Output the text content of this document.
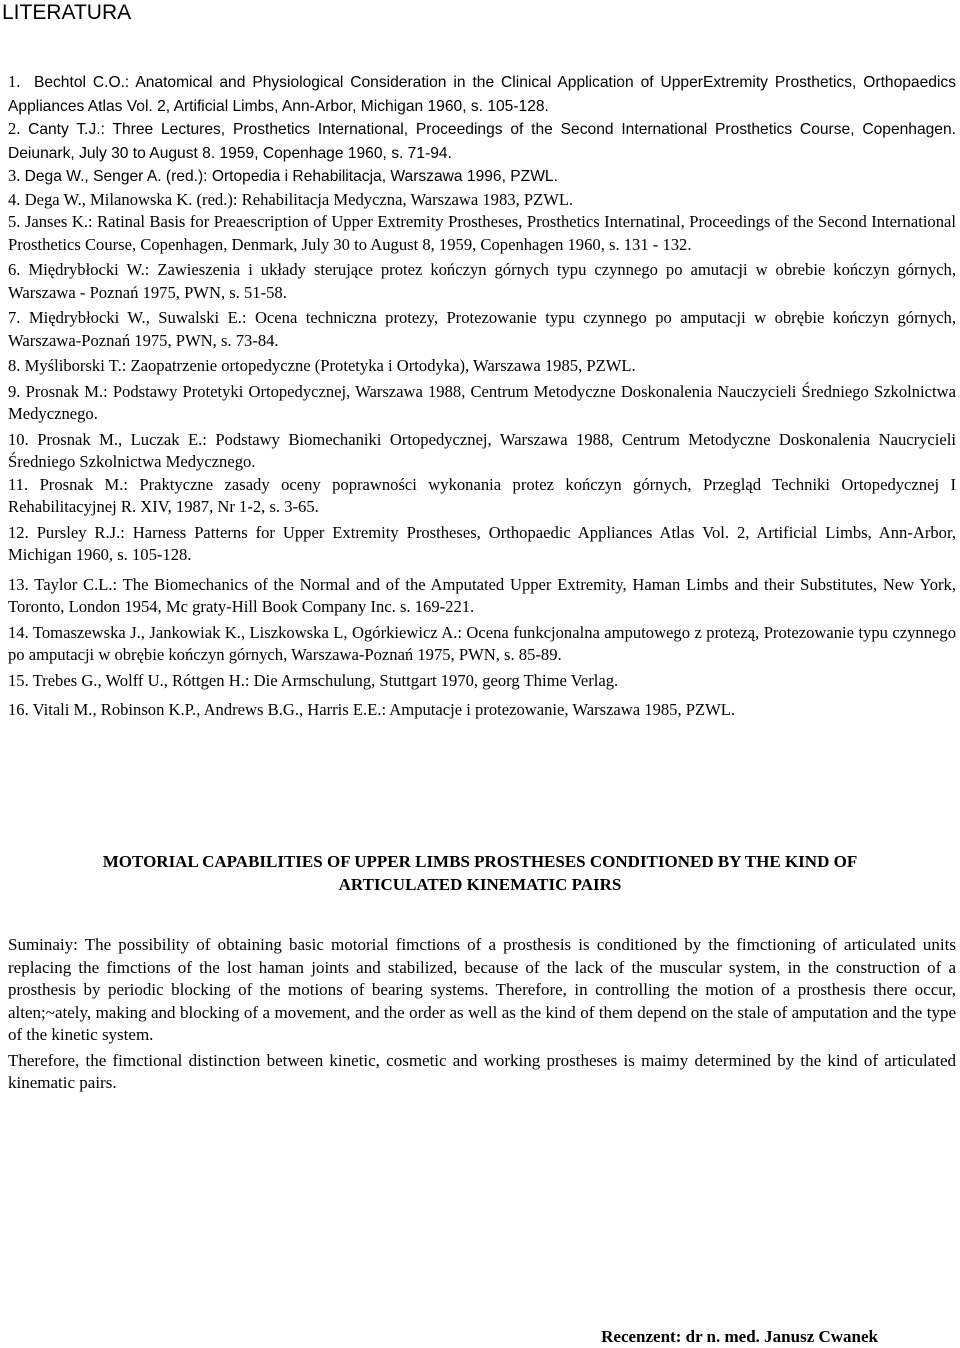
LITERATURA

1. Bechtol C.O.: Anatomical and Physiological Consideration in the Clinical Application of UpperExtremity Prosthetics, Orthopaedics Appliances Atlas Vol. 2, Artificial Limbs, Ann-Arbor, Michigan 1960, s. 105-128.

2. Canty T.J.: Three Lectures, Prosthetics International, Proceedings of the Second International Prosthetics Course, Copenhagen. Deiunark, July 30 to August 8. 1959, Copenhage 1960, s. 71-94.

3. Dega W., Senger A. (red.): Ortopedia i Rehabilitacja, Warszawa 1996, PZWL.

4. Dega W., Milanowska K. (red.): Rehabilitacja Medyczna, Warszawa 1983, PZWL.

5. Janses K.: Ratinal Basis for Preaescription of Upper Extremity Prostheses, Prosthetics Internatinal, Proceedings of the Second International Prosthetics Course, Copenhagen, Denmark, July 30 to August 8, 1959, Copenhagen 1960, s. 131 - 132.

6. Międrybłocki W.: Zawieszenia i układy sterujące protez kończyn górnych typu czynnego po amutacji w obrebie kończyn górnych, Warszawa - Poznań 1975, PWN, s. 51-58.

7. Międrybłocki W., Suwalski E.: Ocena techniczna protezy, Protezowanie typu czynnego po amputacji w obrębie kończyn górnych, Warszawa-Poznań 1975, PWN, s. 73-84.

8. Myśliborski T.: Zaopatrzenie ortopedyczne (Protetyka i Ortodyka), Warszawa 1985, PZWL.

9. Prosnak M.: Podstawy Protetyki Ortopedycznej, Warszawa 1988, Centrum Metodyczne Doskonalenia Nauczycieli Średniego Szkolnictwa Medycznego.

10. Prosnak M., Luczak E.: Podstawy Biomechaniki Ortopedycznej, Warszawa 1988, Centrum Metodyczne Doskonalenia Naucrycieli Średniego Szkolnictwa Medycznego.

11. Prosnak M.: Praktyczne zasady oceny poprawności wykonania protez kończyn górnych, Przegląd Techniki Ortopedycznej I Rehabilitacyjnej R. XIV, 1987, Nr 1-2, s. 3-65.

12. Pursley R.J.: Harness Patterns for Upper Extremity Prostheses, Orthopaedic Appliances Atlas Vol. 2, Artificial Limbs, Ann-Arbor, Michigan 1960, s. 105-128.

13. Taylor C.L.: The Biomechanics of the Normal and of the Amputated Upper Extremity, Haman Limbs and their Substitutes, New York, Toronto, London 1954, Mc graty-Hill Book Company Inc. s. 169-221.

14. Tomaszewska J., Jankowiak K., Liszkowska L, Ogórkiewicz A.: Ocena funkcjonalna amputowego z protezą, Protezowanie typu czynnego po amputacji w obrębie kończyn górnych, Warszawa-Poznań 1975, PWN, s. 85-89.

15. Trebes G., Wolff U., Róttgen H.: Die Armschulung, Stuttgart 1970, georg Thime Verlag.

16. Vitali M., Robinson K.P., Andrews B.G., Harris E.E.: Amputacje i protezowanie, Warszawa 1985, PZWL.

MOTORIAL CAPABILITIES OF UPPER LIMBS PROSTHESES CONDITIONED BY THE KIND OF
ARTICULATED KINEMATIC PAIRS

Suminaiy: The possibility of obtaining basic motorial fimctions of a prosthesis is conditioned by the fimctioning of articulated units replacing the fimctions of the lost haman joints and stabilized, because of the lack of the muscular system, in the construction of a prosthesis by periodic blocking of the motions of bearing systems. Therefore, in controlling the motion of a prosthesis there occur, alten;~ately, making and blocking of a movement, and the order as well as the kind of them depend on the stale of amputation and the type of the kinetic system.

Therefore, the fimctional distinction between kinetic, cosmetic and working prostheses is maimy determined by the kind of articulated kinematic pairs.

Recenzent: dr n. med. Janusz Cwanek
